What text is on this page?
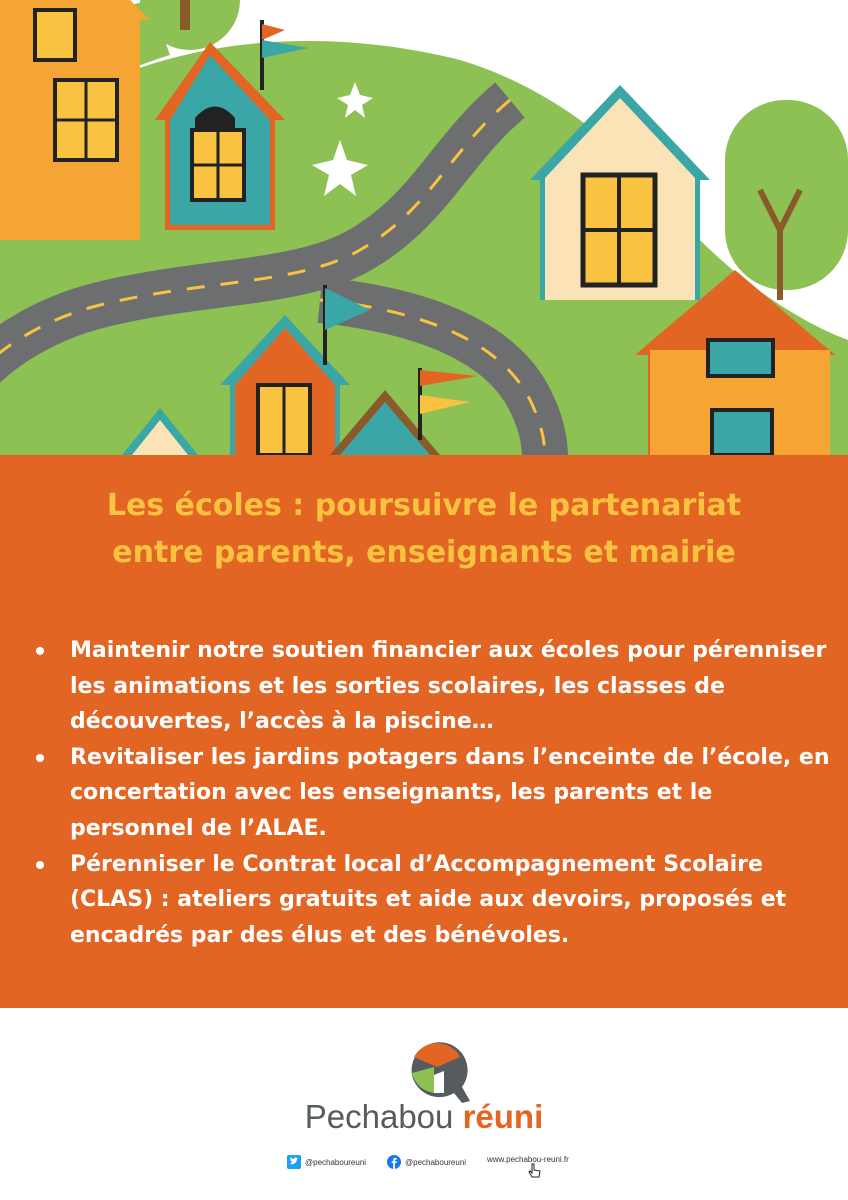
Les écoles : poursuivre le partenariat
entre parents, enseignants et mairie
Maintenir notre soutien financier aux écoles pour pérenniser les animations et les sorties scolaires, les classes de découvertes, l’accès à la piscine…
Revitaliser les jardins potagers dans l’enceinte de l’école, en concertation avec les enseignants, les parents et le personnel de l’ALAE.
Pérenniser le Contrat local d’Accompagnement Scolaire (CLAS) : ateliers gratuits et aide aux devoirs, proposés et encadrés par des élus et des bénévoles.
Pechabou réuni
@pechaboureuni	@pechaboureuni	www.pechabou-reuni.fr
